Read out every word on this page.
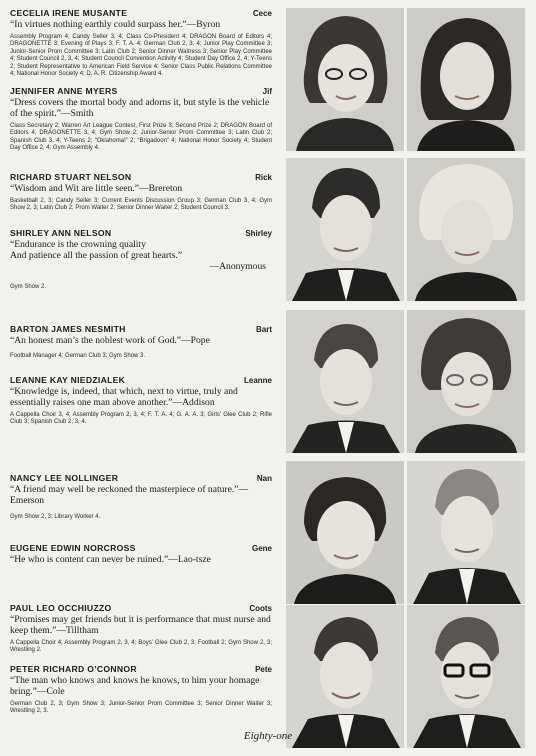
CECELIA IRENE MUSANTE	Cece
“In virtues nothing earthly could surpass her.”—Byron
Assembly Program 4; Candy Seller 3, 4; Class Co-President 4; DRAGON Board of Editors 4; DRAGONETTE 3; Evening of Plays 3; F. T. A. 4; German Club 2, 3, 4; Junior Play Committee 3; Junior-Senior Prom Committee 3; Latin Club 2; Senior Dinner Waitress 3; Senior Play Committee 4; Student Council 2, 3, 4; Student Council Convention Activity 4; Student Day Office 2, 4; Y-Teens 2; Student Representative to American Field Service 4; Senior Class Public Relations Committee 4; National Honor Society 4; D. A. R. Citizenship Award 4.
JENNIFER ANNE MYERS	Jif
“Dress covers the mortal body and adorns it, but style is the vehicle of the spirit.”—Smith
Class Secretary 2; Warren Art League Contest, First Prize 3; Second Prize 2; DRAGON Board of Editors 4; DRAGONETTE 3, 4; Gym Show 2; Junior-Senior Prom Committee 3; Latin Club 2; Spanish Club 3, 4; Y-Teens 2; “Oklahoma!” 2; “Brigadoon” 4; National Honor Society 4; Student Day Office 2, 4; Gym Assembly 4.
RICHARD STUART NELSON	Rick
“Wisdom and Wit are little seen.”—Brereton
Basketball 2, 3; Candy Seller 3; Current Events Discussion Group 3; German Club 3, 4; Gym Show 2, 3; Latin Club 2; Prom Waiter 2; Senior Dinner Waiter 2; Student Council 3.
SHIRLEY ANN NELSON	Shirley
“Endurance is the crowning quality
And patience all the passion of great hearts.”
—Anonymous
Gym Show 2.
BARTON JAMES NESMITH	Bart
“An honest man’s the noblest work of God.”—Pope
Football Manager 4; German Club 3; Gym Show 3.
LEANNE KAY NIEDZIALEK	Leanne
“Knowledge is, indeed, that which, next to virtue, truly and essentially raises one man above another.”—Addison
A Cappella Choir 3, 4; Assembly Program 2, 3, 4; F. T. A. 4; G. A. A. 3; Girls’ Glee Club 2; Rifle Club 3; Spanish Club 2, 3, 4.
NANCY LEE NOLLINGER	Nan
“A friend may well be reckoned the masterpiece of nature.”—Emerson
Gym Show 2, 3; Library Worker 4.
EUGENE EDWIN NORCROSS	Gene
“He who is content can never be ruined.”—Lao-tsze
PAUL LEO OCCHIUZZO	Coots
“Promises may get friends but it is performance that must nurse and keep them.”—Tilltham
A Cappella Choir 4; Assembly Program 2, 3, 4; Boys’ Glee Club 2, 3; Football 2; Gym Show 2, 3; Wrestling 2.
PETER RICHARD O’CONNOR	Pete
“The man who knows and knows he knows, to him your homage bring.”—Cole
German Club 2, 3; Gym Show 3; Junior-Senior Prom Committee 3; Senior Dinner Waiter 3; Wrestling 2, 3.
Eighty-one
